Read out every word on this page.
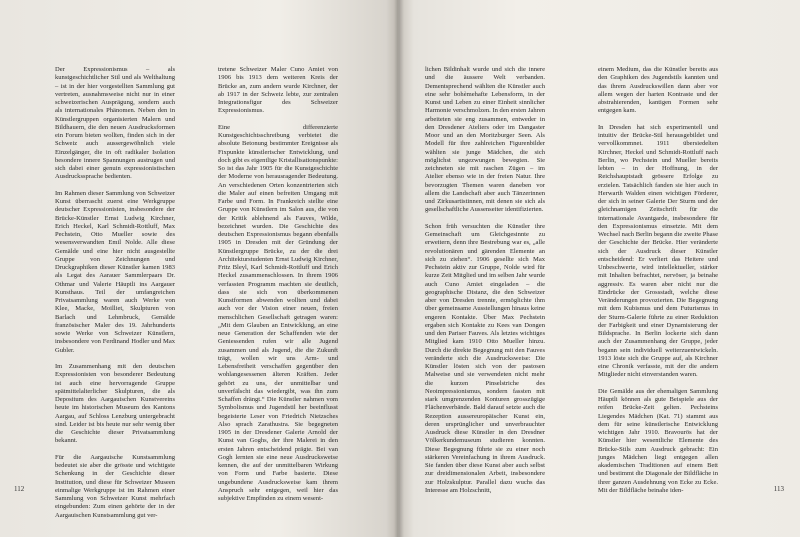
Der Expressionismus – als kunstgeschichtlicher Stil und als Welthaltung – ist in der hier vorgestellten Sammlung gut vertreten, ausnahmsweise nicht nur in einer schweizerischen Ausprägung, sondern auch als internationales Phänomen. Neben den in Künstlergruppen organisierten Malern und Bildhauern, die den neuen Ausdrucksformen ein Forum bieten wollten, finden sich in der Schweiz auch aussergewöhnlich viele Einzelgänger, die in oft radikaler Isolation besondere innere Spannungen austrugen und sich dabei einer genuin expressionistischen Ausdruckssprache bedienten.

Im Rahmen dieser Sammlung von Schweizer Kunst überrascht zuerst eine Werkgruppe deutscher Expressionisten, insbesondere der Brücke-Künstler Ernst Ludwig Kirchner, Erich Heckel, Karl Schmidt-Rottluff, Max Pechstein, Otto Mueller sowie des wesensverwandten Emil Nolde. Alle diese Gemälde und eine hier nicht ausgestellte Gruppe von Zeichnungen und Druckgraphiken dieser Künstler kamen 1983 als Legat des Aarauer Sammlerpaars Dr. Othmar und Valerie Häuptli ins Aargauer Kunsthaus. Teil der umfangreichen Privatsammlung waren auch Werke von Klee, Macke, Moilliet, Skulpturen von Barlach und Lehmbruck, Gemälde französischer Maler des 19. Jahrhunderts sowie Werke von Schweizer Künstlern, insbesondere von Ferdinand Hodler und Max Gubler.

Im Zusammenhang mit den deutschen Expressionisten von besonderer Bedeutung ist auch eine hervorragende Gruppe spätmittelalterlicher Skulpturen, die als Depositum des Aargauischen Kunstvereins heute im historischen Museum des Kantons Aargau, auf Schloss Lenzburg untergebracht sind. Leider ist bis heute nur sehr wenig über die Geschichte dieser Privatsammlung bekannt.

Für die Aargauische Kunstsammlung bedeutet sie aber die grösste und wichtigste Schenkung in der Geschichte dieser Institution, und diese für Schweizer Museen einmalige Werkgruppe ist im Rahmen einer Sammlung von Schweizer Kunst mehrfach eingebunden: Zum einen gehörte der in der Aargauischen Kunstsammlung gut ver-

tretene Schweizer Maler Cuno Amiet von 1906 bis 1913 dem weiteren Kreis der Brücke an, zum andern wurde Kirchner, der ab 1917 in der Schweiz lebte, zur zentralen Integrationsfigur des Schweizer Expressionismus.

Eine differenzierte Kunstgeschichtsschreibung verbietet die absolute Betonung bestimmter Ereignisse als Fixpunkte künstlerischer Entwicklung, und doch gibt es eigentlige Kristallisationspunkte: So ist das Jahr 1905 für die Kunstgeschichte der Moderne von herausragender Bedeutung. An verschiedenen Orten konzentrierten sich die Maler auf einen befreiten Umgang mit Farbe und Form. In Frankreich stellte eine Gruppe von Künstlern im Salon aus, die von der Kritik ablehnend als Fauves, Wilde, bezeichnet wurden. Die Geschichte des deutschen Expressionismus begann ebenfalls 1905 in Dresden mit der Gründung der Künstlergruppe Brücke, zu der die drei Architekturstudenten Ernst Ludwig Kirchner, Fritz Bleyl, Karl Schmidt-Rottluff und Erich Heckel zusammenschlossen. In ihrem 1906 verfassten Programm machten sie deutlich, dass sie sich von überkommenen Kunstformen abwenden wollten und dabei auch vor der Vision einer neuen, freien menschlichen Gesellschaft getragen waren: „Mit dem Glauben an Entwicklung, an eine neue Generation der Schaffenden wie der Geniessenden rufen wir alle Jugend zusammen und als Jugend, die die Zukunft trägt, wollen wir uns Arm- und Lebensfreiheit verschaffen gegenüber den wohlangesessenen älteren Kräften. Jeder gehört zu uns, der unmittelbar und unverfälscht das wiedergibt, was ihn zum Schaffen drängt.“ Die Künstler nahmen vom Symbolismus und Jugendstil her beeinflusst begeisterte Leser von Friedrich Nietzsches Also sprach Zarathustra. Sie begegneten 1905 in der Dresdener Galerie Arnold der Kunst van Goghs, der ihre Malerei in den ersten Jahren entscheidend prägte. Bei van Gogh lernten sie eine neue Ausdrucksweise kennen, die auf der unmittelbaren Wirkung von Form und Farbe basierte. Diese ungebundene Ausdrucksweise kam ihrem Anspruch sehr entgegen, weil hier das subjektive Empfinden zu einem wesent-

112

lichen Bildinhalt wurde und sich die innere und die äussere Welt verbanden. Dementsprechend wählten die Künstler auch eine sehr bohèmehafte Lebensform, in der Kunst und Leben zu einer Einheit sinnlicher Harmonie verschmolzen. In den ersten Jahren arbeiteten sie eng zusammen, entweder in den Dresdener Ateliers oder im Dangaster Moor und an den Moritzburger Seen. Als Modell für ihre zahlreichen Figurenbilder wählten sie junge Mädchen, die sich möglichst ungezwungen bewegten. Sie zeichneten sie mit raschen Zügen – im Atelier ebenso wie in der freien Natur. Ihre bevorzugten Themen waren daneben vor allem die Landschaft aber auch Tänzerinnen und Zirkusartistinnen, mit denen sie sich als gesellschaftliche Aussenseiter identifizierten.

Schon früh versuchten die Künstler ihre Gemeinschaft um Gleichgesinnte zu erweitern, denn ihre Bestrebung war es, „alle revolutionären und gärenden Elemente an sich zu ziehen“. 1906 gesellte sich Max Pechstein aktiv zur Gruppe, Nolde wird für kurze Zeit Mitglied und im selben Jahr wurde auch Cuno Amiet eingeladen – die geographische Distanz, die den Schweizer aber von Dresden trennte, ermöglichte ihm über gemeinsame Ausstellungen hinaus keine engeren Kontakte. Über Max Pechstein ergaben sich Kontakte zu Kees van Dongen und den Pariser Fauves. Als letztes wichtiges Mitglied kam 1910 Otto Mueller hinzu. Durch die direkte Begegnung mit den Fauves veränderte sich die Ausdrucksweise: Die Künstler lösten sich von der pastosen Malweise und sie verwendeten nicht mehr die kurzen Pinselstriche des Neoimpressionismus, sondern fassten mit stark umgrenzenden Konturen grosszügige Flächenverbände. Bald darauf setzte auch die Rezeption aussereuropäischer Kunst ein, deren ursprünglicher und unverbrauchter Ausdruck diese Künstler in den Dresdner Völkerkundemuseum studieren konnten. Diese Begegnung führte sie zu einer noch stärkeren Vereinfachung in ihrem Ausdruck. Sie fanden über diese Kunst aber auch selbst zur dreidimensionalen Arbeit, insbesondere zur Holzskulptur. Parallel dazu wuchs das Interesse am Holzschnitt,

einem Medium, das die Künstler bereits aus den Graphiken des Jugendstils kannten und das ihrem Ausdruckswillen dann aber vor allem wegen der harten Kontraste und der abstrahierenden, kantigen Formen sehr entgegen kam.

In Dresden hat sich experimentell und intuitiv der Brücke-Stil herausgebildet und vervollkommnet. 1911 übersiedelten Kirchner, Heckel und Schmidt-Rottluff nach Berlin, wo Pechstein und Mueller bereits lebten – in der Hoffnung, in der Reichshauptstadt grössere Erfolge zu erzielen. Tatsächlich fanden sie hier auch in Herwarth Walden einen wichtigen Förderer, der sich in seiner Galerie Der Sturm und der gleichnamigen Zeitschrift für die internationale Avantgarde, insbesondere für den Expressionismus einsetzte. Mit dem Wechsel nach Berlin begann die zweite Phase der Geschichte der Brücke. Hier veränderte sich der Ausdruck dieser Künstler entscheidend: Er verliert das Heitere und Unbeschwerte, wird intellektueller, stärker mit Inhalten befrachtet, nervöser, ja beinahe aggressiv. Es waren aber nicht nur die Eindrücke der Grossstadt, welche diese Veränderungen provozierten. Die Begegnung mit dem Kubismus und dem Futurismus in der Sturm-Galerie führte zu einer Reduktion der Farbigkeit und einer Dynamisierung der Bildsprache. In Berlin lockerte sich dann auch der Zusammenhang der Gruppe, jeder begann sein individuell weiterzuentwickeln. 1913 löste sich die Gruppe auf, als Kirchner eine Chronik verfasste, mit der die andern Mitglieder nicht einverstanden waren.

Die Gemälde aus der ehemaligen Sammlung Häuptli können als gute Beispiele aus der reifen Brücke-Zeit gelten. Pechsteins Liegendes Mädchen (Kat. 71) stammt aus dem für seine künstlerische Entwicklung wichtigen Jahr 1910. Bravourös hat der Künstler hier wesentliche Elemente des Brücke-Stils zum Ausdruck gebracht: Ein junges Mädchen liegt entgegen allen akademischen Traditionen auf einem Bett und bestimmt die Diagonale der Bildfläche in ihrer ganzen Ausdehnung von Ecke zu Ecke. Mit der Bildfläche beinahe iden-	113
